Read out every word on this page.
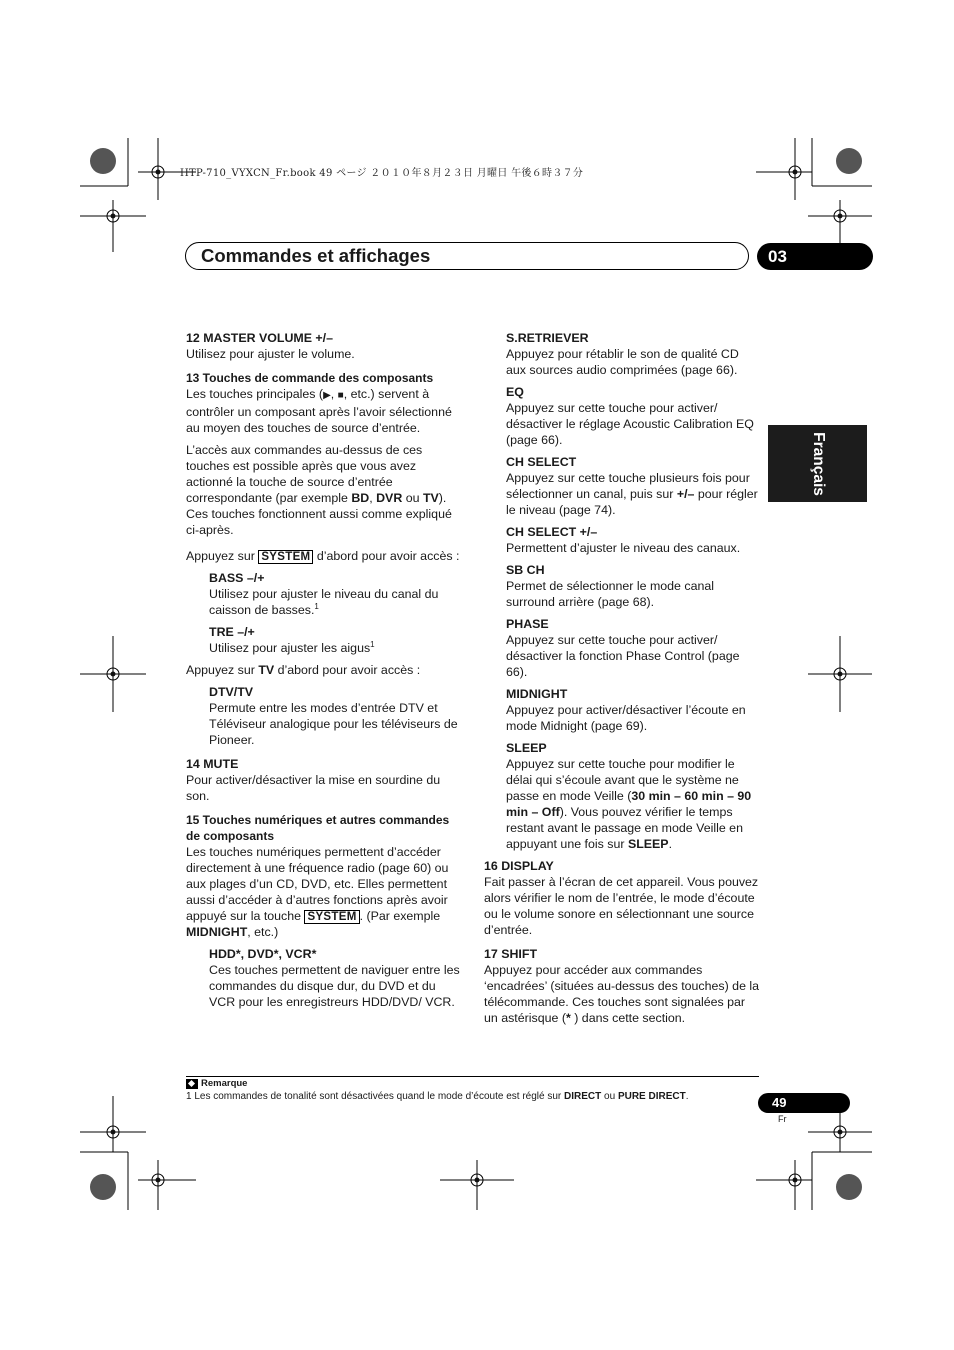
HTP-710_VYXCN_Fr.book 49 ページ ２０１０年８月２３日 月曜日 午後６時３７分
Commandes et affichages	03
Français

12 MASTER VOLUME +/–

Utilisez pour ajuster le volume.

13 Touches de commande des composants

Les touches principales (▶, ■, etc.) servent à contrôler un composant après l’avoir sélectionné au moyen des touches de source d’entrée.

L’accès aux commandes au-dessus de ces touches est possible après que vous avez actionné la touche de source d’entrée correspondante (par exemple BD, DVR ou TV). Ces touches fonctionnent aussi comme expliqué ci-après.

Appuyez sur SYSTEM d’abord pour avoir accès :

BASS –/+

Utilisez pour ajuster le niveau du canal du caisson de basses.$^1$

TRE –/+

Utilisez pour ajuster les aigus$^1$

Appuyez sur TV d’abord pour avoir accès :

DTV/TV

Permute entre les modes d’entrée DTV et Téléviseur analogique pour les téléviseurs de Pioneer.

14 MUTE

Pour activer/désactiver la mise en sourdine du son.

15 Touches numériques et autres commandes de composants

Les touches numériques permettent d’accéder directement à une fréquence radio (page 60) ou aux plages d’un CD, DVD, etc. Elles permettent aussi d’accéder à d’autres fonctions après avoir appuyé sur la touche SYSTEM . (Par exemple MIDNIGHT, etc.)

HDD*, DVD*, VCR*

Ces touches permettent de naviguer entre les commandes du disque dur, du DVD et du VCR pour les enregistreurs HDD/DVD/ VCR.

S.RETRIEVER

Appuyez pour rétablir le son de qualité CD aux sources audio comprimées (page 66).

EQ

Appuyez sur cette touche pour activer/ désactiver le réglage Acoustic Calibration EQ (page 66).

CH SELECT

Appuyez sur cette touche plusieurs fois pour sélectionner un canal, puis sur +/– pour régler le niveau (page 74).

CH SELECT +/–

Permettent d’ajuster le niveau des canaux.

SB CH

Permet de sélectionner le mode canal surround arrière (page 68).

PHASE

Appuyez sur cette touche pour activer/ désactiver la fonction Phase Control (page 66).

MIDNIGHT

Appuyez pour activer/désactiver l’écoute en mode Midnight (page 69).

SLEEP

Appuyez sur cette touche pour modifier le délai qui s’écoule avant que le système ne passe en mode Veille (30 min – 60 min – 90 min – Off). Vous pouvez vérifier le temps restant avant le passage en mode Veille en appuyant une fois sur SLEEP.

16 DISPLAY

Fait passer à l’écran de cet appareil. Vous pouvez alors vérifier le nom de l’entrée, le mode d’écoute ou le volume sonore en sélectionnant une source d’entrée.

17 SHIFT

Appuyez pour accéder aux commandes ‘encadrées’ (situées au-dessus des touches) de la télécommande. Ces touches sont signalées par un astérisque (* ) dans cette section.

Remarque
1 Les commandes de tonalité sont désactivées quand le mode d’écoute est réglé sur DIRECT ou PURE DIRECT.	49
Fr
